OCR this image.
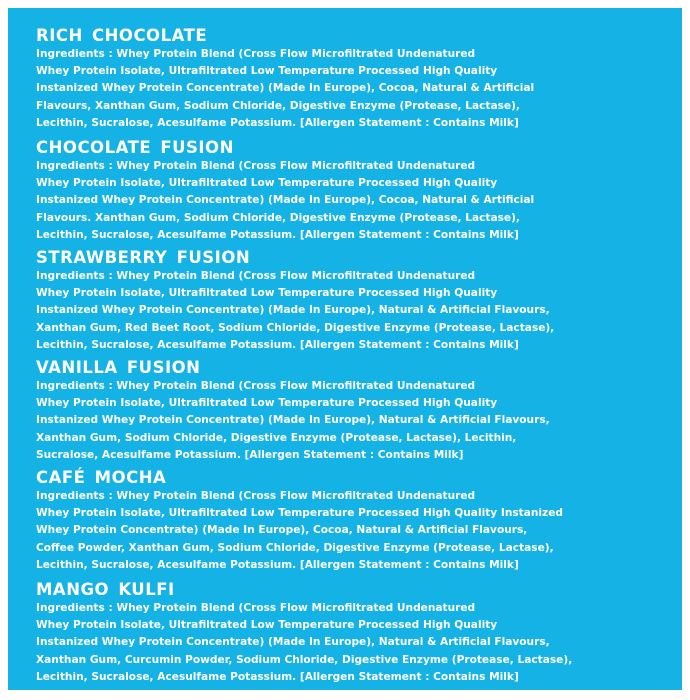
RICH CHOCOLATE
Ingredients : Whey Protein Blend (Cross Flow Microfiltrated Undenatured
Whey Protein Isolate, Ultrafiltrated Low Temperature Processed High Quality
Instanized Whey Protein Concentrate) (Made In Europe), Cocoa, Natural & Artificial
Flavours, Xanthan Gum, Sodium Chloride, Digestive Enzyme (Protease, Lactase),
Lecithin, Sucralose, Acesulfame Potassium. [Allergen Statement : Contains Milk]
CHOCOLATE FUSION
Ingredients : Whey Protein Blend (Cross Flow Microfiltrated Undenatured
Whey Protein Isolate, Ultrafiltrated Low Temperature Processed High Quality
Instanized Whey Protein Concentrate) (Made In Europe), Cocoa, Natural & Artificial
Flavours. Xanthan Gum, Sodium Chloride, Digestive Enzyme (Protease, Lactase),
Lecithin, Sucralose, Acesulfame Potassium. [Allergen Statement : Contains Milk]
STRAWBERRY FUSION
Ingredients : Whey Protein Blend (Cross Flow Microfiltrated Undenatured
Whey Protein Isolate, Ultrafiltrated Low Temperature Processed High Quality
Instanized Whey Protein Concentrate) (Made In Europe), Natural & Artificial Flavours,
Xanthan Gum, Red Beet Root, Sodium Chloride, Digestive Enzyme (Protease, Lactase),
Lecithin, Sucralose, Acesulfame Potassium. [Allergen Statement : Contains Milk]
VANILLA FUSION
Ingredients : Whey Protein Blend (Cross Flow Microfiltrated Undenatured
Whey Protein Isolate, Ultrafiltrated Low Temperature Processed High Quality
Instanized Whey Protein Concentrate) (Made In Europe), Natural & Artificial Flavours,
Xanthan Gum, Sodium Chloride, Digestive Enzyme (Protease, Lactase), Lecithin,
Sucralose, Acesulfame Potassium. [Allergen Statement : Contains Milk]
CAFÉ MOCHA
Ingredients : Whey Protein Blend (Cross Flow Microfiltrated Undenatured
Whey Protein Isolate, Ultrafiltrated Low Temperature Processed High Quality Instanized
Whey Protein Concentrate) (Made In Europe), Cocoa, Natural & Artificial Flavours,
Coffee Powder, Xanthan Gum, Sodium Chloride, Digestive Enzyme (Protease, Lactase),
Lecithin, Sucralose, Acesulfame Potassium. [Allergen Statement : Contains Milk]
MANGO KULFI
Ingredients : Whey Protein Blend (Cross Flow Microfiltrated Undenatured
Whey Protein Isolate, Ultrafiltrated Low Temperature Processed High Quality
Instanized Whey Protein Concentrate) (Made In Europe), Natural & Artificial Flavours,
Xanthan Gum, Curcumin Powder, Sodium Chloride, Digestive Enzyme (Protease, Lactase),
Lecithin, Sucralose, Acesulfame Potassium. [Allergen Statement : Contains Milk]
